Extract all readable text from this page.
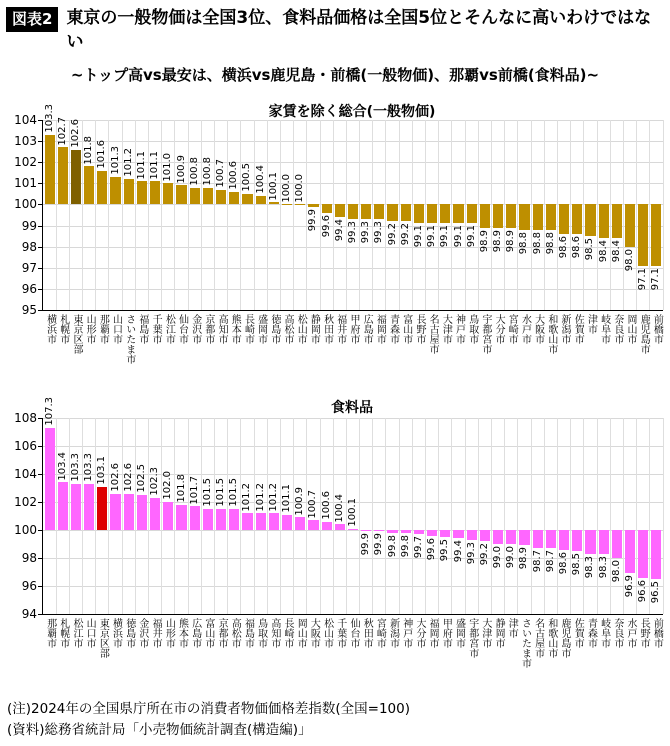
図表2 東京の一般物価は全国3位、食料品価格は全国5位とそんなに高いわけではない
~トップ高vs最安は、横浜vs鹿児島・前橋(一般物価)、那覇vs前橋(食料品)~
家賃を除く総合(一般物価)
95
96
97
98
99
100
101
102
103
104 103.3
横浜市
102.7
札幌市
102.6
東京区部
101.8
山形市
101.6
那覇市
101.3
山口市
101.2
さいたま市
101.1
福島市
101.1
千葉市
101.0
松江市
100.9
仙台市
100.8
金沢市
100.8
京都市
100.7
高知市
100.6
熊本市
100.5
長崎市
100.4
盛岡市
100.1
徳島市
100.0
高松市
100.0
松山市
99.9
静岡市
99.6
秋田市
99.4
福井市
99.3
甲府市
99.3
広島市
99.3
福岡市
99.2
青森市
99.2
富山市
99.1
長野市
99.1
名古屋市
99.1
大津市
99.1
神戸市
99.1
鳥取市
98.9
宇都宮市
98.9
大分市
98.9
宮崎市
98.8
水戸市
98.8
大阪市
98.8
和歌山市
98.6
新潟市
98.6
佐賀市
98.5
津市
98.4
岐阜市
98.4
奈良市
98.0
岡山市
97.1
鹿児島市
97.1
前橋市
食料品
94
96
98
100
102
104
106
108 107.3
那覇市
103.4
札幌市
103.3
松江市
103.3
山口市
103.1
東京区部
102.6
横浜市
102.6
徳島市
102.5
金沢市
102.3
福井市
102.0
山形市
101.8
熊本市
101.7
広島市
101.5
富山市
101.5
京都市
101.5
高松市
101.2
福島市
101.2
鳥取市
101.2
高知市
101.1
長崎市
100.9
岡山市
100.7
大阪市
100.6
松山市
100.4
千葉市
100.1
仙台市
99.9
秋田市
99.9
宮崎市
99.8
新潟市
99.8
神戸市
99.7
大分市
99.6
福岡市
99.5
甲府市
99.4
盛岡市
99.3
宇都宮市
99.2
大津市
99.0
静岡市
99.0
津市
98.9
さいたま市
98.7
名古屋市
98.7
和歌山市
98.6
鹿児島市
98.5
佐賀市
98.3
青森市
98.3
岐阜市
98.0
奈良市
96.9
水戸市
96.6
長野市
96.5
前橋市
(注)2024年の全国県庁所在市の消費者物価価格差指数(全国=100)
(資料)総務省統計局「小売物価統計調査(構造編)」
